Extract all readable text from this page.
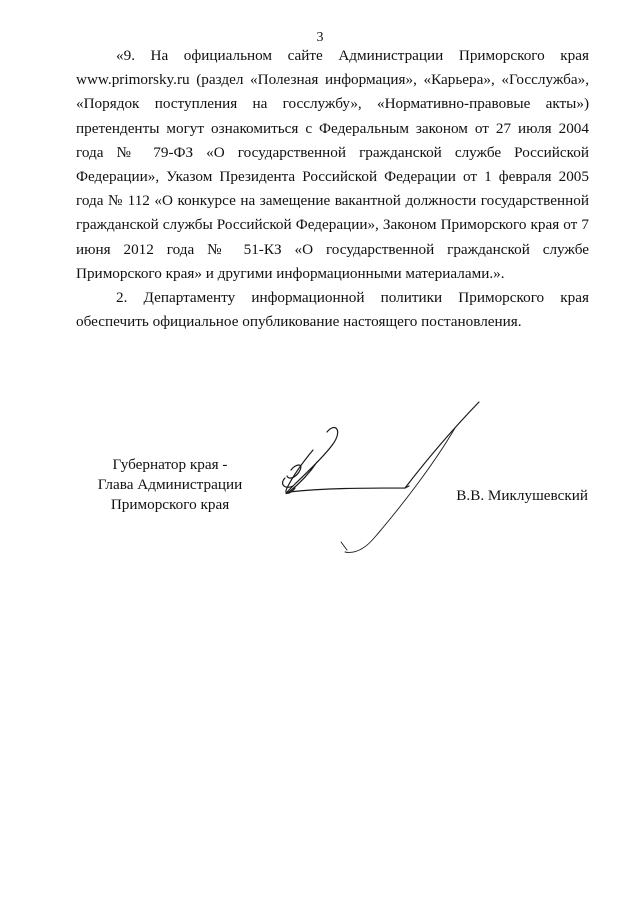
3

«9. На официальном сайте Администрации Приморского края www.primorsky.ru (раздел «Полезная информация», «Карьера», «Госслужба», «Порядок поступления на госслужбу», «Нормативно-правовые акты») претенденты могут ознакомиться с Федеральным законом от 27 июля 2004 года № 79-ФЗ «О государственной гражданской службе Российской Федерации», Указом Президента Российской Федерации от 1 февраля 2005 года № 112 «О конкурсе на замещение вакантной должности государственной гражданской службы Российской Федерации», Законом Приморского края от 7 июня 2012 года № 51-КЗ «О государственной гражданской службе Приморского края» и другими информационными материалами.».

2. Департаменту информационной политики Приморского края обеспечить официальное опубликование настоящего постановления.

Губернатор края -
Глава Администрации
Приморского края
В.В. Миклушевский
